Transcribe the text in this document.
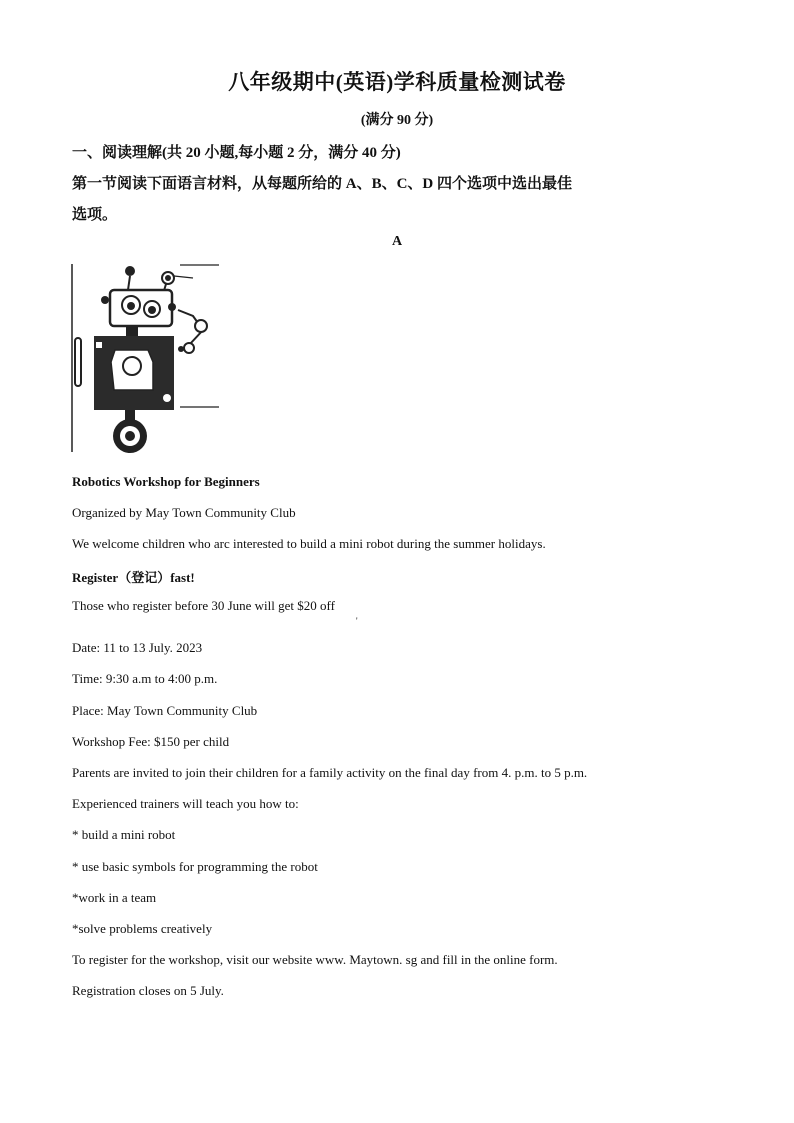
八年级期中(英语)学科质量检测试卷
(满分 90 分)
一、阅读理解(共 20 小题,每小题 2 分，满分 40 分)
第一节阅读下面语言材料，从每题所给的 A、B、C、D 四个选项中选出最佳
选项。
A
Robotics Workshop for Beginners
Organized by May Town Community Club
We welcome children who arc interested to build a mini robot during the summer holidays.
Register（登记）fast!
Those who register before 30 June will get $20 off
'
Date: 11 to 13 July. 2023
Time: 9:30 a.m to 4:00 p.m.
Place: May Town Community Club
Workshop Fee: $150 per child
Parents are invited to join their children for a family activity on the final day from 4. p.m. to 5 p.m.
Experienced trainers will teach you how to:
* build a mini robot
* use basic symbols for programming the robot
*work in a team
*solve problems creatively
To register for the workshop, visit our website www. Maytown. sg and fill in the online form.
Registration closes on 5 July.
